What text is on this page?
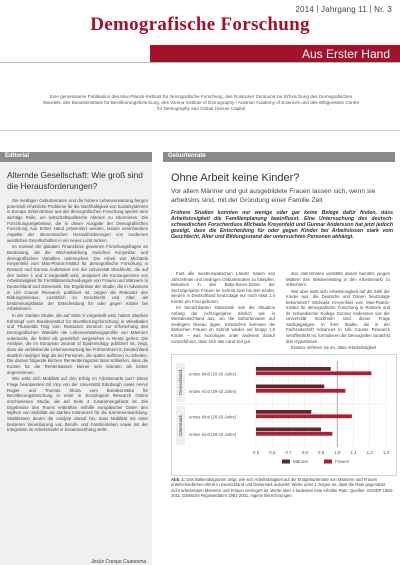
2014 Jahrgang 11 Nr. 3
Demografische Forschung
Aus Erster Hand
Eine gemeinsame Publikation des Max-Planck-Instituts für demografische Forschung, des Rostocker Zentrums zur Erforschung des Demografischen Wandels, des Bundesinstituts für Bevölkerungsforschung, des Vienna Institute of Demography / Austrian Academy of Sciences und des Wittgenstein Centre for Demography and Global Human Capital
Editorial
Alternde Gesellschaft: Wie groß sind die Herausforderungen?

Die niedrigen Geburtenraten und die hohere Lebenserwartung bergen potenziell erhebliche Probleme für die Nachhaltigkeit von Sozialsystemen in Europa. Erkenntnisse aus der demografischen Forschung spielen eine wichtige Rolle, um wirtschaftspolitische Akteure zu informieren. Die Forschungsergebnisse, die in dieser Ausgabe der Demografischen Forschung Aus Erster Hand präsentiert werden, lassen verschiedene Aspekte der ökonomischen Herausforderungen von modernen westlichen Gesellschaften in ein neues Licht rucken.

Im Kontext der globalen Finanzkrise gewinnen Forschungsfragen an Bedeutung, die die Wechselwirkung zwischen Konjunktur und demografischen Variablen untersuchen. Die Arbeit von Michaela Kreyenfeld vom Max-Planck-Institut für demografische Forschung in Rostock und Gunnar Andersson von der Universität Stockholm, die auf den Seiten 1 und 2 vorgestellt wird, analysiert die Konsequenzen von Arbeitslosigkeit für Fertilitätsentscheidungen von Frauen und Männern in Deutschland und Dänemark. Die Ergebnisse der Studie, die in Advances in Life Course Research publiziert ist, zeigen die Relevanz des Bildungsniveaus, zusätzlich zu Geschlecht und Alter, als bestimmungsfaktor der Entscheidung für oder gegen Kinder bei Arbeitslosen.

In der zweiten Studie, die auf Seite 3 vorgestellt wird, haben Stephan Kühntopf vom Bundesinstitut für Bevölkerungsforschung in Wiesbaden und Thusnelda Tivig vom Rostocker Zentrum zur Erforschung des Demografischen Wandels die Lebenserwartungsprofile von Männern untersucht, die früher als gesetzlich vorgesehen in Rente gehen. Die Analyse, die im European Journal of Epidemiology publiziert ist, zeigt, dass die verbleibende Lebenserwartung bei Frührentnern in Deutschland deutlich niedriger liegt als bei Personen, die später aufhören zu arbeiten. Die daraus folgende kürzere Rentenbezugszeit lässt schließen, dass die Kosten für die Rentenkassen kleiner sein könnten als bisher angenommen.

Wie wirkt sich Mobilität auf den Erfolg im Arbeitsmarkt aus? Diese Frage beantworten Gil Vicy von der Universität Edinburgh sowie Hervé Rogier und Thomas Skora vom Bundesinstitut für Bevölkerungsforschung in einer in Sociological Research Online erschienenen Studie, die auf Seite 4 zusammengefasst ist. Die Ergebnisse des Teams entkräften mithilfe europäischer Daten den Mythos von Mobilität als starkes Instrument für die Karriereentwicklung. Stattdessen deutet die Analyse darauf hin, dass Mobilität mit einer besseren Vereinbarung von Berufs- und Familienleben sowie mit der Integration im Arbeitsmarkt in Zusammenhang steht.

Jesús Crespo Cuaresma
Geburtenrate
Ohne Arbeit keine Kinder?
Vor allem Männer und gut ausgebildete Frauen lassen sich, wenn sie arbeitslos sind, mit der Gründung einer Familie Zeit
Frühere Studien konnten nur wenige oder gar keine Belege dafür finden, dass Arbeitslosigkeit die Familienplanung beeinflusst. Eine Untersuchung des deutsch-schwedischen Forscherduos Michaela Kreyenfeld und Gunnar Andersson hat jetzt jedoch gezeigt, dass die Entscheidung für oder gegen Kinder bei Arbeitslosen stark vom Geschlecht, Alter und Bildungsstand der untersuchten Personen abhängt.

Fast alle westeuropäischen Länder haben seit Jahrzehnten mit niedrigen Geburtenraten zu kämpfen. Bekamen in den Baby-Boom-Zeiten der Sechzigerjahre Frauen im Schnitt zwei bis drei Kinder, werden in Deutschland heutzutage nur noch etwa 1,4 Kinder pro Frau geboren.

Im benachbarten Dänemark sah die Situation Anfang der Achtzigerjahre ähnlich wie in Westdeutschland aus, wo die Geburtenraten auf niedrigem Niveau lagen. Inzwischen kommen die dänischen Frauen im Schnitt wieder auf knapp 1,9 Kinder – was Soziologen unter anderem darauf zurückführen, dass sich das Land seit gut

drei Jahrzehnten verstärkt darum bemüht, jungen Müttern den Wiedereinstieg in den Arbeitsmarkt zu erleichtern.

Wie aber wirkt sich Arbeitslosigkeit auf die Zahl der Kinder aus, die Deutsche und Dänen heutzutage bekommen? Michaela Kreyenfeld vom Max-Planck-Institut für demografische Forschung in Rostock und ihr schwedischer Kollege Gunnar Andersson von der Universität Stockholm sind dieser Frage nachgegangen. In ihrer Studie, die in der Fachzeitschrift Advances in Life Course Research veröffentlicht ist, formulieren die Demografen zunächst drei Hypothesen.

Erstens nehmen sie an, dass Arbeitslosigkeit

0,5 0,6 0,7 0,8 0,9 1,0 1,1 1,2 1,3
Deutschland erstes Kind (20-28 Jahre)
erstes Kind (29-43 Jahre)
Dänemark erstes Kind (20-28 Jahre)
erstes Kind (29-43 Jahre)
Männer	Frauen
Abb. 1: Das Balkendiagramm zeigt, wie sich Arbeitslosigkeit auf die Erstgeburtenrate von Männern und Frauen unterschiedlichen Alters in Deutschland und Dänemark auswirkt: Werte unter 1 zeigen an, dass die Rate gegenüber nicht arbeitslosen Männern und Frauen verringert ist. Werte über 1 bedeuten eine erhöhte Rate. Quellen: GSOEP 1984-2011, Dänische Registerdaten 1981-2001, eigene Berechnungen.
